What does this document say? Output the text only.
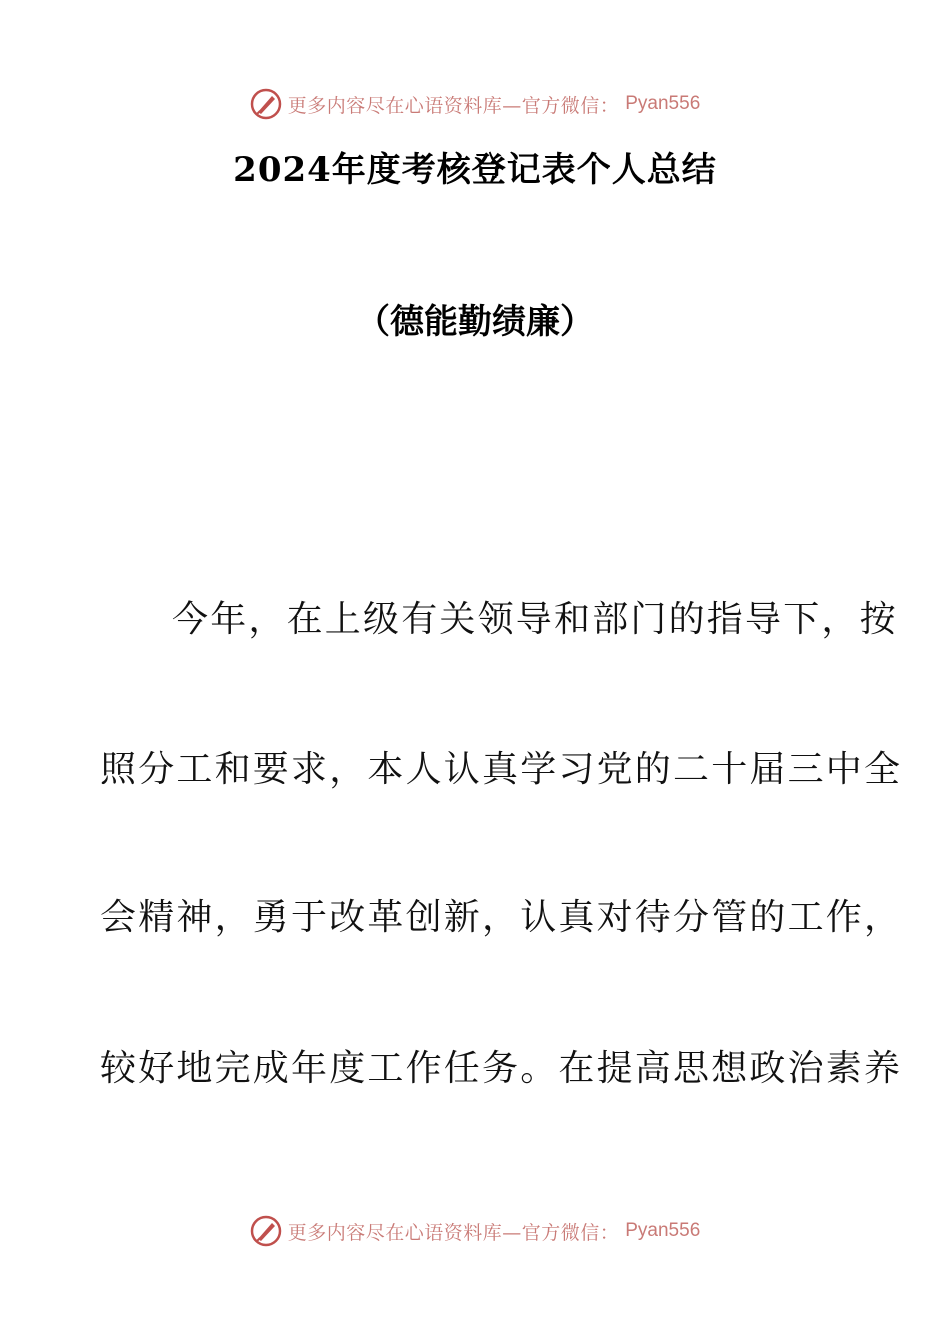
更多内容尽在心语资料库—官方微信： Pyan556
2024年度考核登记表个人总结
（德能勤绩廉）
今年，在上级有关领导和部门的指导下，按
照分工和要求，本人认真学习党的二十届三中全
会精神，勇于改革创新，认真对待分管的工作，
较好地完成年度工作任务。在提高思想政治素养
更多内容尽在心语资料库—官方微信： Pyan556
